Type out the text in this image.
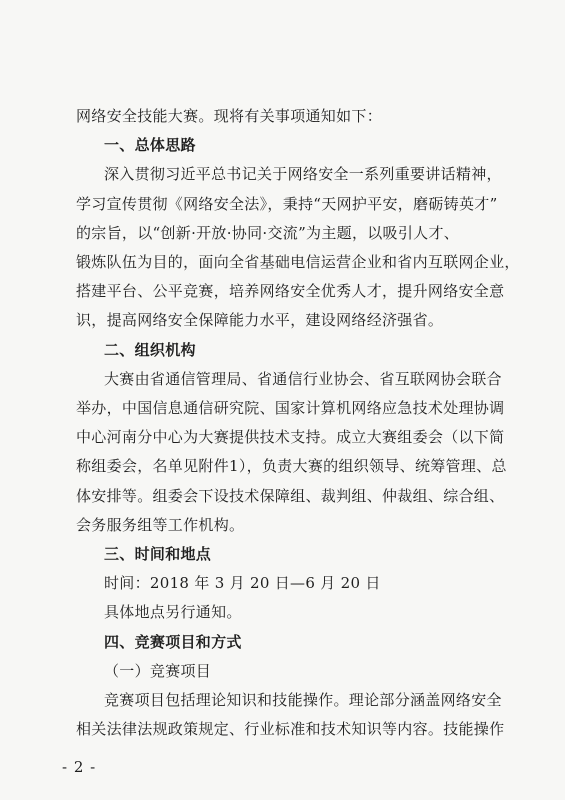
网络安全技能大赛。现将有关事项通知如下：
一、总体思路
深入贯彻习近平总书记关于网络安全一系列重要讲话精神，
学习宣传贯彻《网络安全法》，秉持“天网护平安，磨砺铸英才”
的宗旨，以“创新·开放·协同·交流”为主题，以吸引人才、
锻炼队伍为目的，面向全省基础电信运营企业和省内互联网企业，
搭建平台、公平竞赛，培养网络安全优秀人才，提升网络安全意
识，提高网络安全保障能力水平，建设网络经济强省。
二、组织机构
大赛由省通信管理局、省通信行业协会、省互联网协会联合
举办，中国信息通信研究院、国家计算机网络应急技术处理协调
中心河南分中心为大赛提供技术支持。成立大赛组委会（以下简
称组委会，名单见附件1），负责大赛的组织领导、统筹管理、总
体安排等。组委会下设技术保障组、裁判组、仲裁组、综合组、
会务服务组等工作机构。
三、时间和地点
时间：2018 年 3 月 20 日—6 月 20 日
具体地点另行通知。
四、竞赛项目和方式
（一）竞赛项目
竞赛项目包括理论知识和技能操作。理论部分涵盖网络安全
相关法律法规政策规定、行业标准和技术知识等内容。技能操作
- 2 -
